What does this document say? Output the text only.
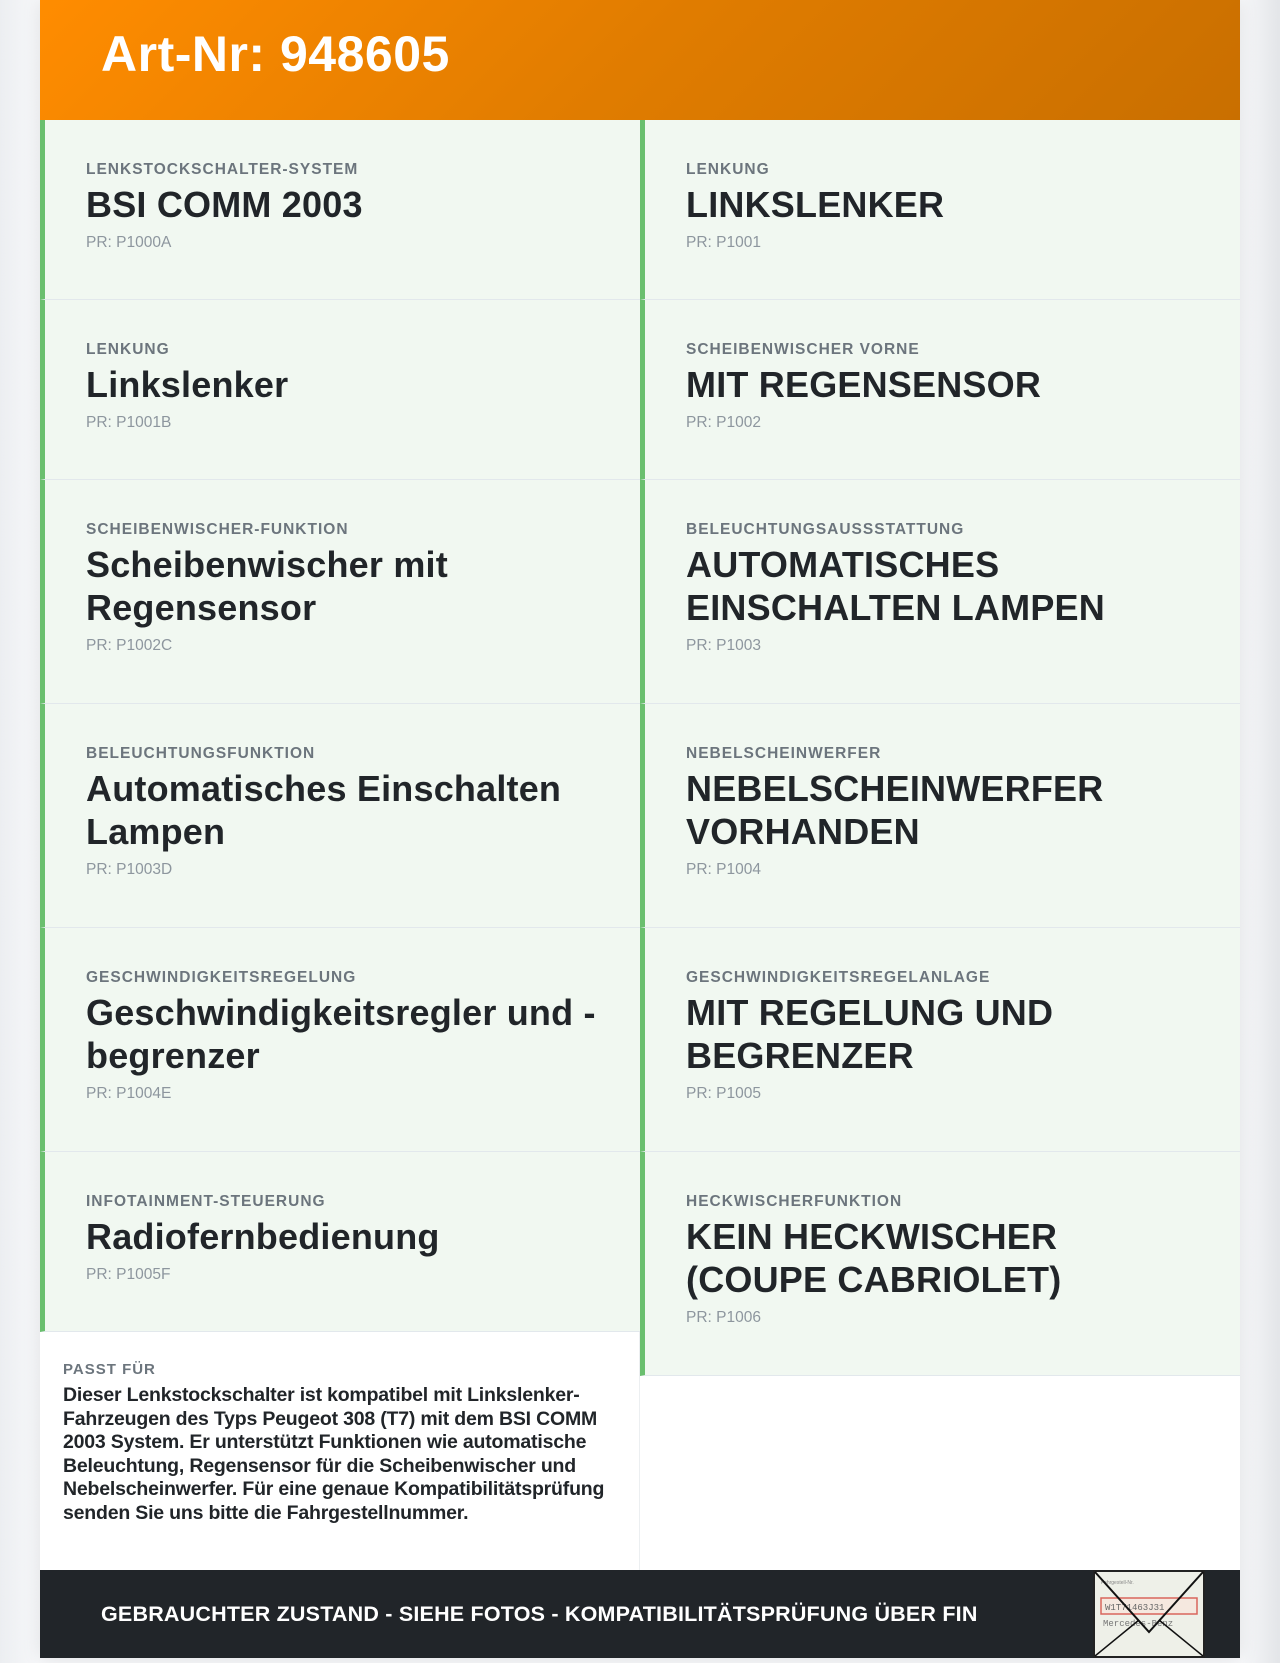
Art-Nr: 948605
LENKSTOCKSCHALTER-SYSTEM
BSI COMM 2003
PR: P1000A
LENKUNG
Linkslenker
PR: P1001B
SCHEIBENWISCHER-FUNKTION
Scheibenwischer mit Regensensor
PR: P1002C
BELEUCHTUNGSFUNKTION
Automatisches Einschalten Lampen
PR: P1003D
GESCHWINDIGKEITSREGELUNG
Geschwindigkeitsregler und -begrenzer
PR: P1004E
INFOTAINMENT-STEUERUNG
Radiofernbedienung
PR: P1005F
PASST FÜR
Dieser Lenkstockschalter ist kompatibel mit Linkslenker-Fahrzeugen des Typs Peugeot 308 (T7) mit dem BSI COMM 2003 System. Er unterstützt Funktionen wie automatische Beleuchtung, Regensensor für die Scheibenwischer und Nebelscheinwerfer. Für eine genaue Kompatibilitätsprüfung senden Sie uns bitte die Fahrgestellnummer.
LENKUNG
LINKSLENKER
PR: P1001
SCHEIBENWISCHER VORNE
MIT REGENSENSOR
PR: P1002
BELEUCHTUNGSAUSSSTATTUNG
AUTOMATISCHES EINSCHALTEN LAMPEN
PR: P1003
NEBELSCHEINWERFER
NEBELSCHEINWERFER VORHANDEN
PR: P1004
GESCHWINDIGKEITSREGELANLAGE
MIT REGELUNG UND BEGRENZER
PR: P1005
HECKWISCHERFUNKTION
KEIN HECKWISCHER (COUPE CABRIOLET)
PR: P1006
GEBRAUCHTER ZUSTAND - SIEHE FOTOS - KOMPATIBILITÄTSPRÜFUNG ÜBER FIN	W1T71463J31
Mercedes-Benz
Fahrgestell-Nr.
